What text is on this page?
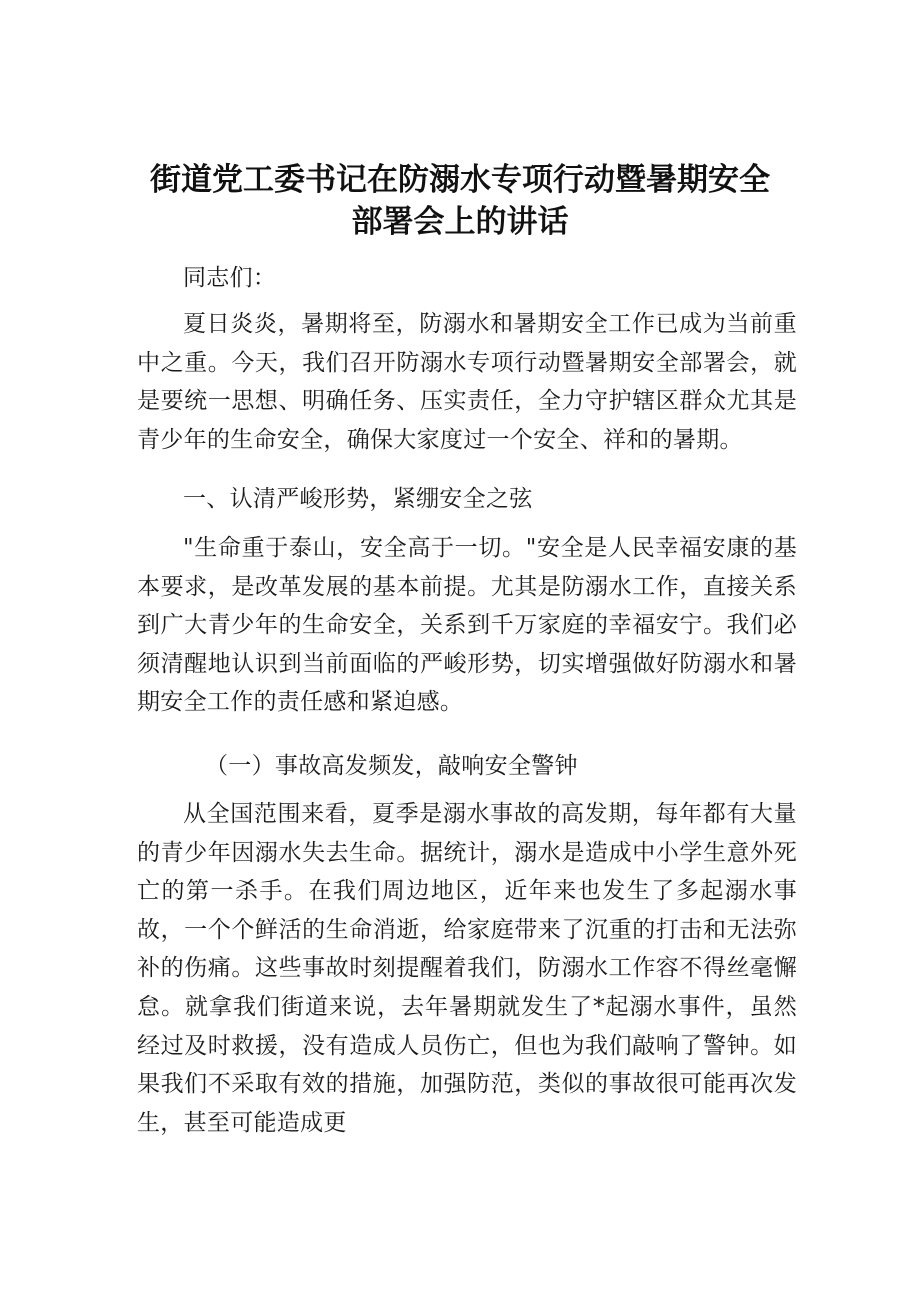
街道党工委书记在防溺水专项行动暨暑期安全
部署会上的讲话

同志们：

夏日炎炎，暑期将至，防溺水和暑期安全工作已成为当前重中之重。今天，我们召开防溺水专项行动暨暑期安全部署会，就是要统一思想、明确任务、压实责任，全力守护辖区群众尤其是青少年的生命安全，确保大家度过一个安全、祥和的暑期。

一、认清严峻形势，紧绷安全之弦

"生命重于泰山，安全高于一切。"安全是人民幸福安康的基本要求，是改革发展的基本前提。尤其是防溺水工作，直接关系到广大青少年的生命安全，关系到千万家庭的幸福安宁。我们必须清醒地认识到当前面临的严峻形势，切实增强做好防溺水和暑期安全工作的责任感和紧迫感。

（一）事故高发频发，敲响安全警钟

从全国范围来看，夏季是溺水事故的高发期，每年都有大量的青少年因溺水失去生命。据统计，溺水是造成中小学生意外死亡的第一杀手。在我们周边地区，近年来也发生了多起溺水事故，一个个鲜活的生命消逝，给家庭带来了沉重的打击和无法弥补的伤痛。这些事故时刻提醒着我们，防溺水工作容不得丝毫懈怠。就拿我们街道来说，去年暑期就发生了*起溺水事件，虽然经过及时救援，没有造成人员伤亡，但也为我们敲响了警钟。如果我们不采取有效的措施，加强防范，类似的事故很可能再次发生，甚至可能造成更
